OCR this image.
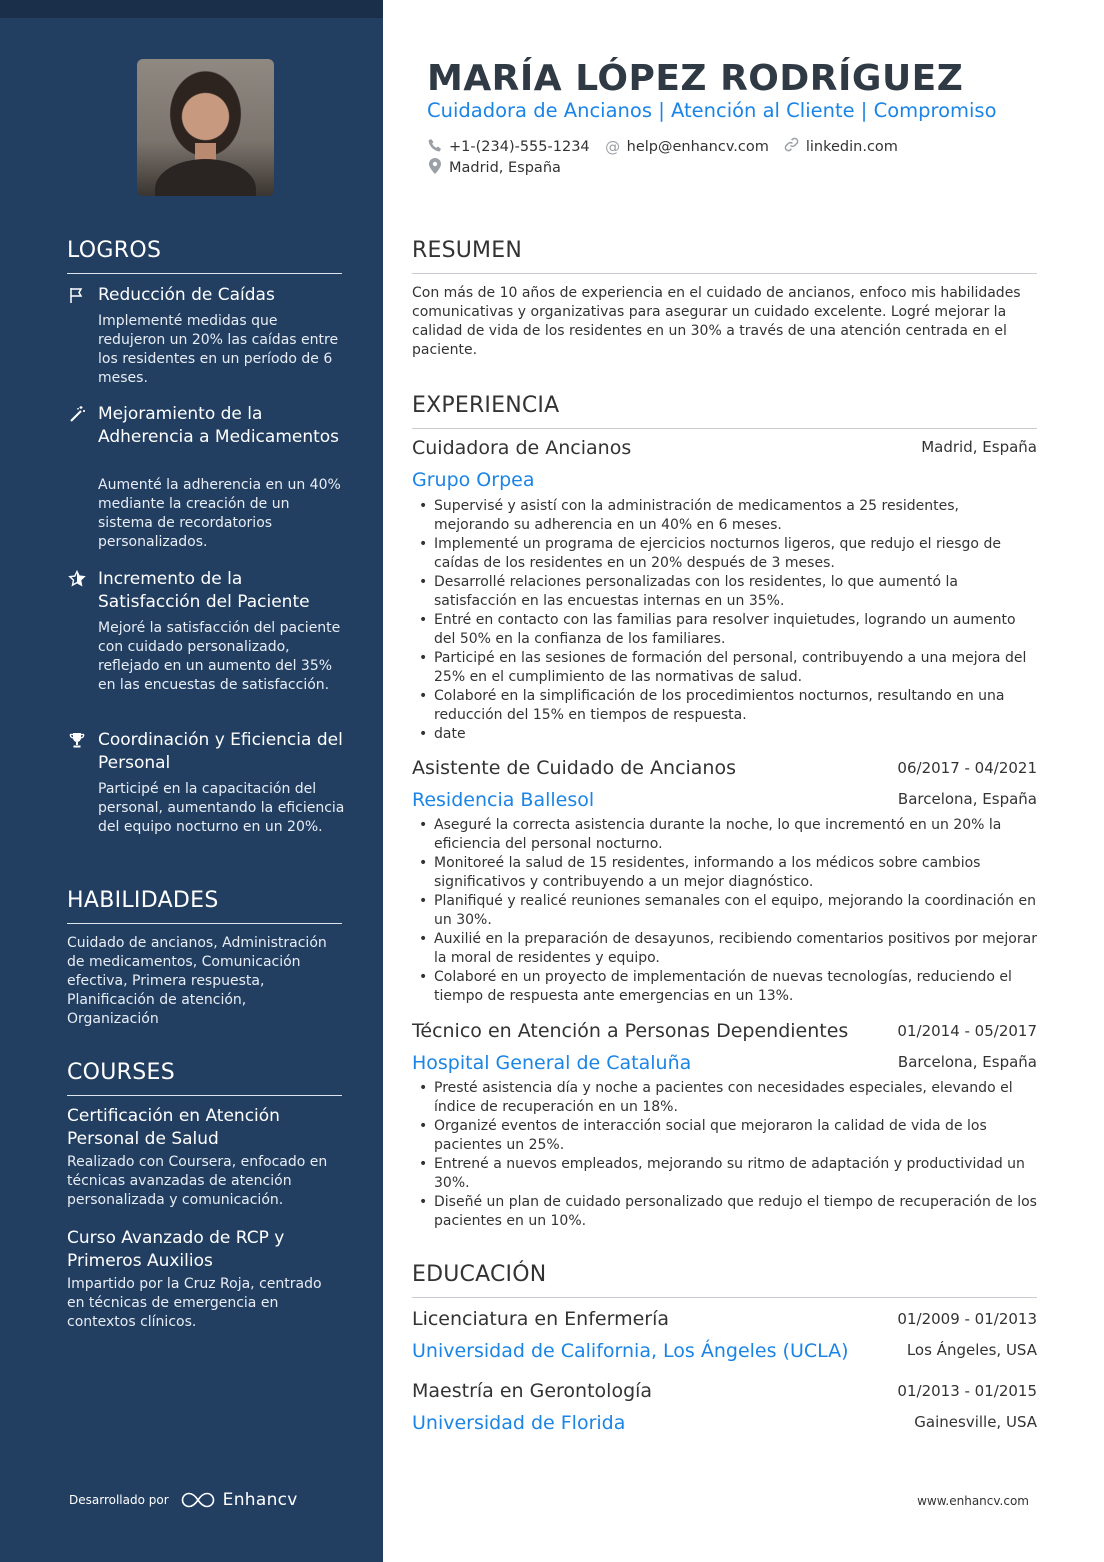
LOGROS
Reducción de Caídas
Implementé medidas que redujeron un 20% las caídas entre los residentes en un período de 6 meses.
Mejoramiento de la Adherencia a Medicamentos
Aumenté la adherencia en un 40% mediante la creación de un sistema de recordatorios personalizados.
Incremento de la Satisfacción del Paciente
Mejoré la satisfacción del paciente con cuidado personalizado, reflejado en un aumento del 35% en las encuestas de satisfacción.
Coordinación y Eficiencia del Personal
Participé en la capacitación del personal, aumentando la eficiencia del equipo nocturno en un 20%.
HABILIDADES
Cuidado de ancianos, Administración de medicamentos, Comunicación efectiva, Primera respuesta, Planificación de atención, Organización
COURSES
Certificación en Atención Personal de Salud
Realizado con Coursera, enfocado en técnicas avanzadas de atención personalizada y comunicación.
Curso Avanzado de RCP y Primeros Auxilios
Impartido por la Cruz Roja, centrado en técnicas de emergencia en contextos clínicos.
Desarrollado por	Enhancv
MARÍA LÓPEZ RODRÍGUEZ
Cuidadora de Ancianos | Atención al Cliente | Compromiso
+1-(234)-555-1234 @ help@enhancv.com	linkedin.com
Madrid, España
RESUMEN
Con más de 10 años de experiencia en el cuidado de ancianos, enfoco mis habilidades comunicativas y organizativas para asegurar un cuidado excelente. Logré mejorar la calidad de vida de los residentes en un 30% a través de una atención centrada en el paciente.
EXPERIENCIA
Cuidadora de Ancianos	Madrid, España
Grupo Orpea
• Supervisé y asistí con la administración de medicamentos a 25 residentes, mejorando su adherencia en un 40% en 6 meses.
• Implementé un programa de ejercicios nocturnos ligeros, que redujo el riesgo de caídas de los residentes en un 20% después de 3 meses.
• Desarrollé relaciones personalizadas con los residentes, lo que aumentó la satisfacción en las encuestas internas en un 35%.
• Entré en contacto con las familias para resolver inquietudes, logrando un aumento del 50% en la confianza de los familiares.
• Participé en las sesiones de formación del personal, contribuyendo a una mejora del 25% en el cumplimiento de las normativas de salud.
• Colaboré en la simplificación de los procedimientos nocturnos, resultando en una reducción del 15% en tiempos de respuesta.
• date
Asistente de Cuidado de Ancianos	06/2017 - 04/2021
Residencia Ballesol	Barcelona, España
• Aseguré la correcta asistencia durante la noche, lo que incrementó en un 20% la eficiencia del personal nocturno.
• Monitoreé la salud de 15 residentes, informando a los médicos sobre cambios significativos y contribuyendo a un mejor diagnóstico.
• Planifiqué y realicé reuniones semanales con el equipo, mejorando la coordinación en un 30%.
• Auxilié en la preparación de desayunos, recibiendo comentarios positivos por mejorar la moral de residentes y equipo.
• Colaboré en un proyecto de implementación de nuevas tecnologías, reduciendo el tiempo de respuesta ante emergencias en un 13%.
Técnico en Atención a Personas Dependientes	01/2014 - 05/2017
Hospital General de Cataluña	Barcelona, España
• Presté asistencia día y noche a pacientes con necesidades especiales, elevando el índice de recuperación en un 18%.
• Organizé eventos de interacción social que mejoraron la calidad de vida de los pacientes un 25%.
• Entrené a nuevos empleados, mejorando su ritmo de adaptación y productividad un 30%.
• Diseñé un plan de cuidado personalizado que redujo el tiempo de recuperación de los pacientes en un 10%.
EDUCACIÓN
Licenciatura en Enfermería	01/2009 - 01/2013
Universidad de California, Los Ángeles (UCLA)	Los Ángeles, USA
Maestría en Gerontología	01/2013 - 01/2015
Universidad de Florida	Gainesville, USA
www.enhancv.com
